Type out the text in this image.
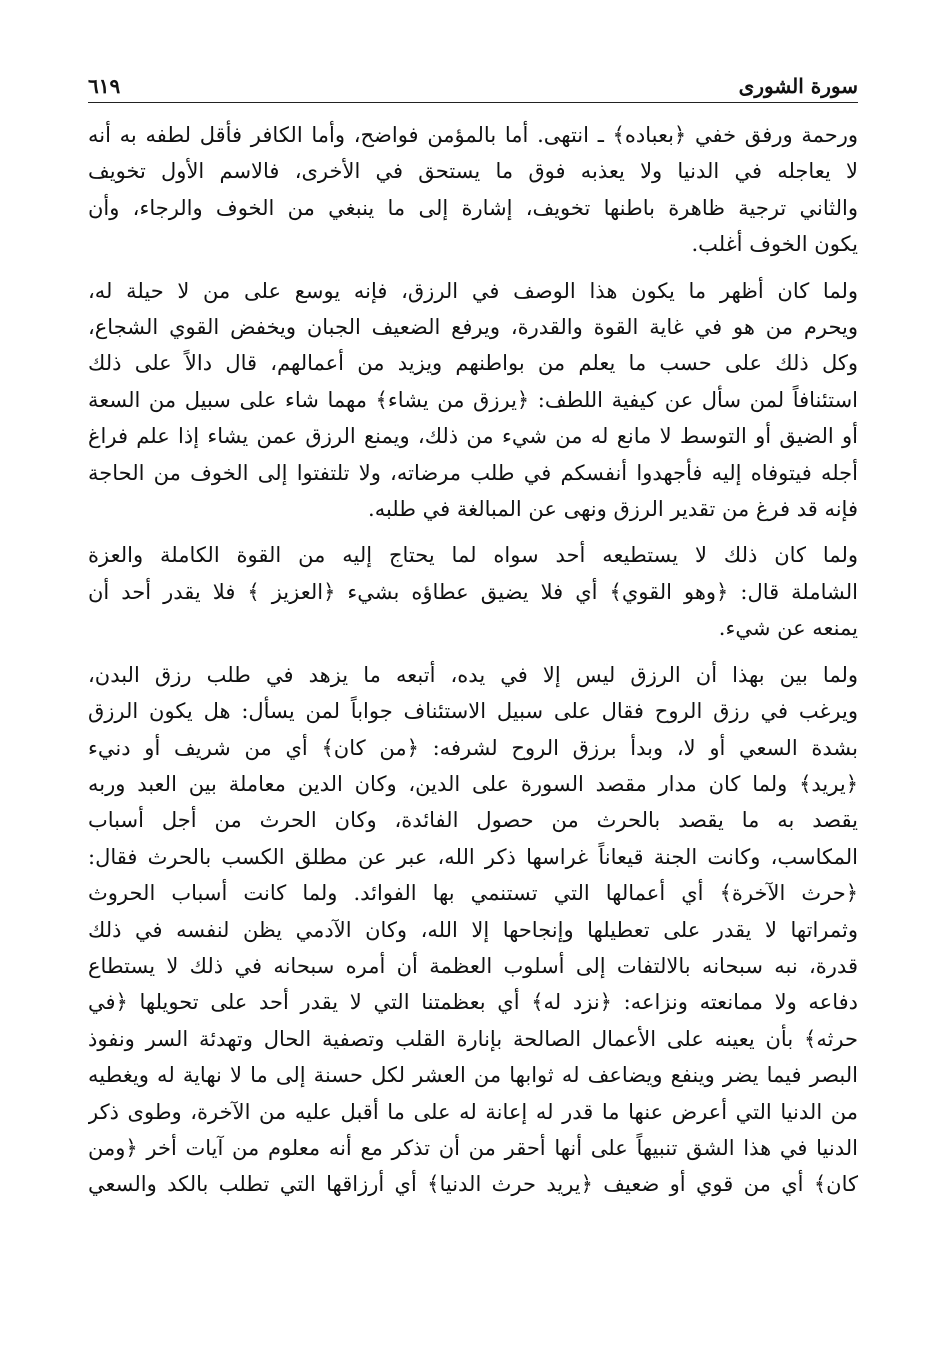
سورة الشورى
٦١٩

ورحمة ورفق خفي ﴿بعباده﴾ ـ انتهى. أما بالمؤمن فواضح، وأما الكافر فأقل لطفه به أنه
لا يعاجله في الدنيا ولا يعذبه فوق ما يستحق في الأخرى، فالاسم الأول تخويف
والثاني ترجية ظاهرة باطنها تخويف، إشارة إلى ما ينبغي من الخوف والرجاء، وأن
يكون الخوف أغلب.

ولما كان أظهر ما يكون هذا الوصف في الرزق، فإنه يوسع على من لا حيلة له،
ويحرم من هو في غاية القوة والقدرة، ويرفع الضعيف الجبان ويخفض القوي الشجاع،
وكل ذلك على حسب ما يعلم من بواطنهم ويزيد من أعمالهم، قال دالاً على ذلك
استئنافاً لمن سأل عن كيفية اللطف: ﴿يرزق من يشاء﴾ مهما شاء على سبيل من السعة
أو الضيق أو التوسط لا مانع له من شيء من ذلك، ويمنع الرزق عمن يشاء إذا علم فراغ
أجله فيتوفاه إليه فأجهدوا أنفسكم في طلب مرضاته، ولا تلتفتوا إلى الخوف من الحاجة
فإنه قد فرغ من تقدير الرزق ونهى عن المبالغة في طلبه.

ولما كان ذلك لا يستطيعه أحد سواه لما يحتاج إليه من القوة الكاملة والعزة
الشاملة قال: ﴿وهو القوي﴾ أي فلا يضيق عطاؤه بشيء ﴿العزيز ﴾ فلا يقدر أحد أن
يمنعه عن شيء.

ولما بين بهذا أن الرزق ليس إلا في يده، أتبعه ما يزهد في طلب رزق البدن،
ويرغب في رزق الروح فقال على سبيل الاستئناف جواباً لمن يسأل: هل يكون الرزق
بشدة السعي أو لا، وبدأ برزق الروح لشرفه: ﴿من كان﴾ أي من شريف أو دنيء
﴿يريد﴾ ولما كان مدار مقصد السورة على الدين، وكان الدين معاملة بين العبد وربه
يقصد به ما يقصد بالحرث من حصول الفائدة، وكان الحرث من أجل أسباب
المكاسب، وكانت الجنة قيعاناً غراسها ذكر الله، عبر عن مطلق الكسب بالحرث فقال:
﴿حرث الآخرة﴾ أي أعمالها التي تستنمي بها الفوائد. ولما كانت أسباب الحروث
وثمراتها لا يقدر على تعطيلها وإنجاحها إلا الله، وكان الآدمي يظن لنفسه في ذلك
قدرة، نبه سبحانه بالالتفات إلى أسلوب العظمة أن أمره سبحانه في ذلك لا يستطاع
دفاعه ولا ممانعته ونزاعه: ﴿نزد له﴾ أي بعظمتنا التي لا يقدر أحد على تحويلها ﴿في
حرثه﴾ بأن يعينه على الأعمال الصالحة بإنارة القلب وتصفية الحال وتهدئة السر ونفوذ
البصر فيما يضر وينفع ويضاعف له ثوابها من العشر لكل حسنة إلى ما لا نهاية له ويغطيه
من الدنيا التي أعرض عنها ما قدر له إعانة له على ما أقبل عليه من الآخرة، وطوى ذكر
الدنيا في هذا الشق تنبيهاً على أنها أحقر من أن تذكر مع أنه معلوم من آيات أخر ﴿ومن
كان﴾ أي من قوي أو ضعيف ﴿يريد حرث الدنيا﴾ أي أرزاقها التي تطلب بالكد والسعي
